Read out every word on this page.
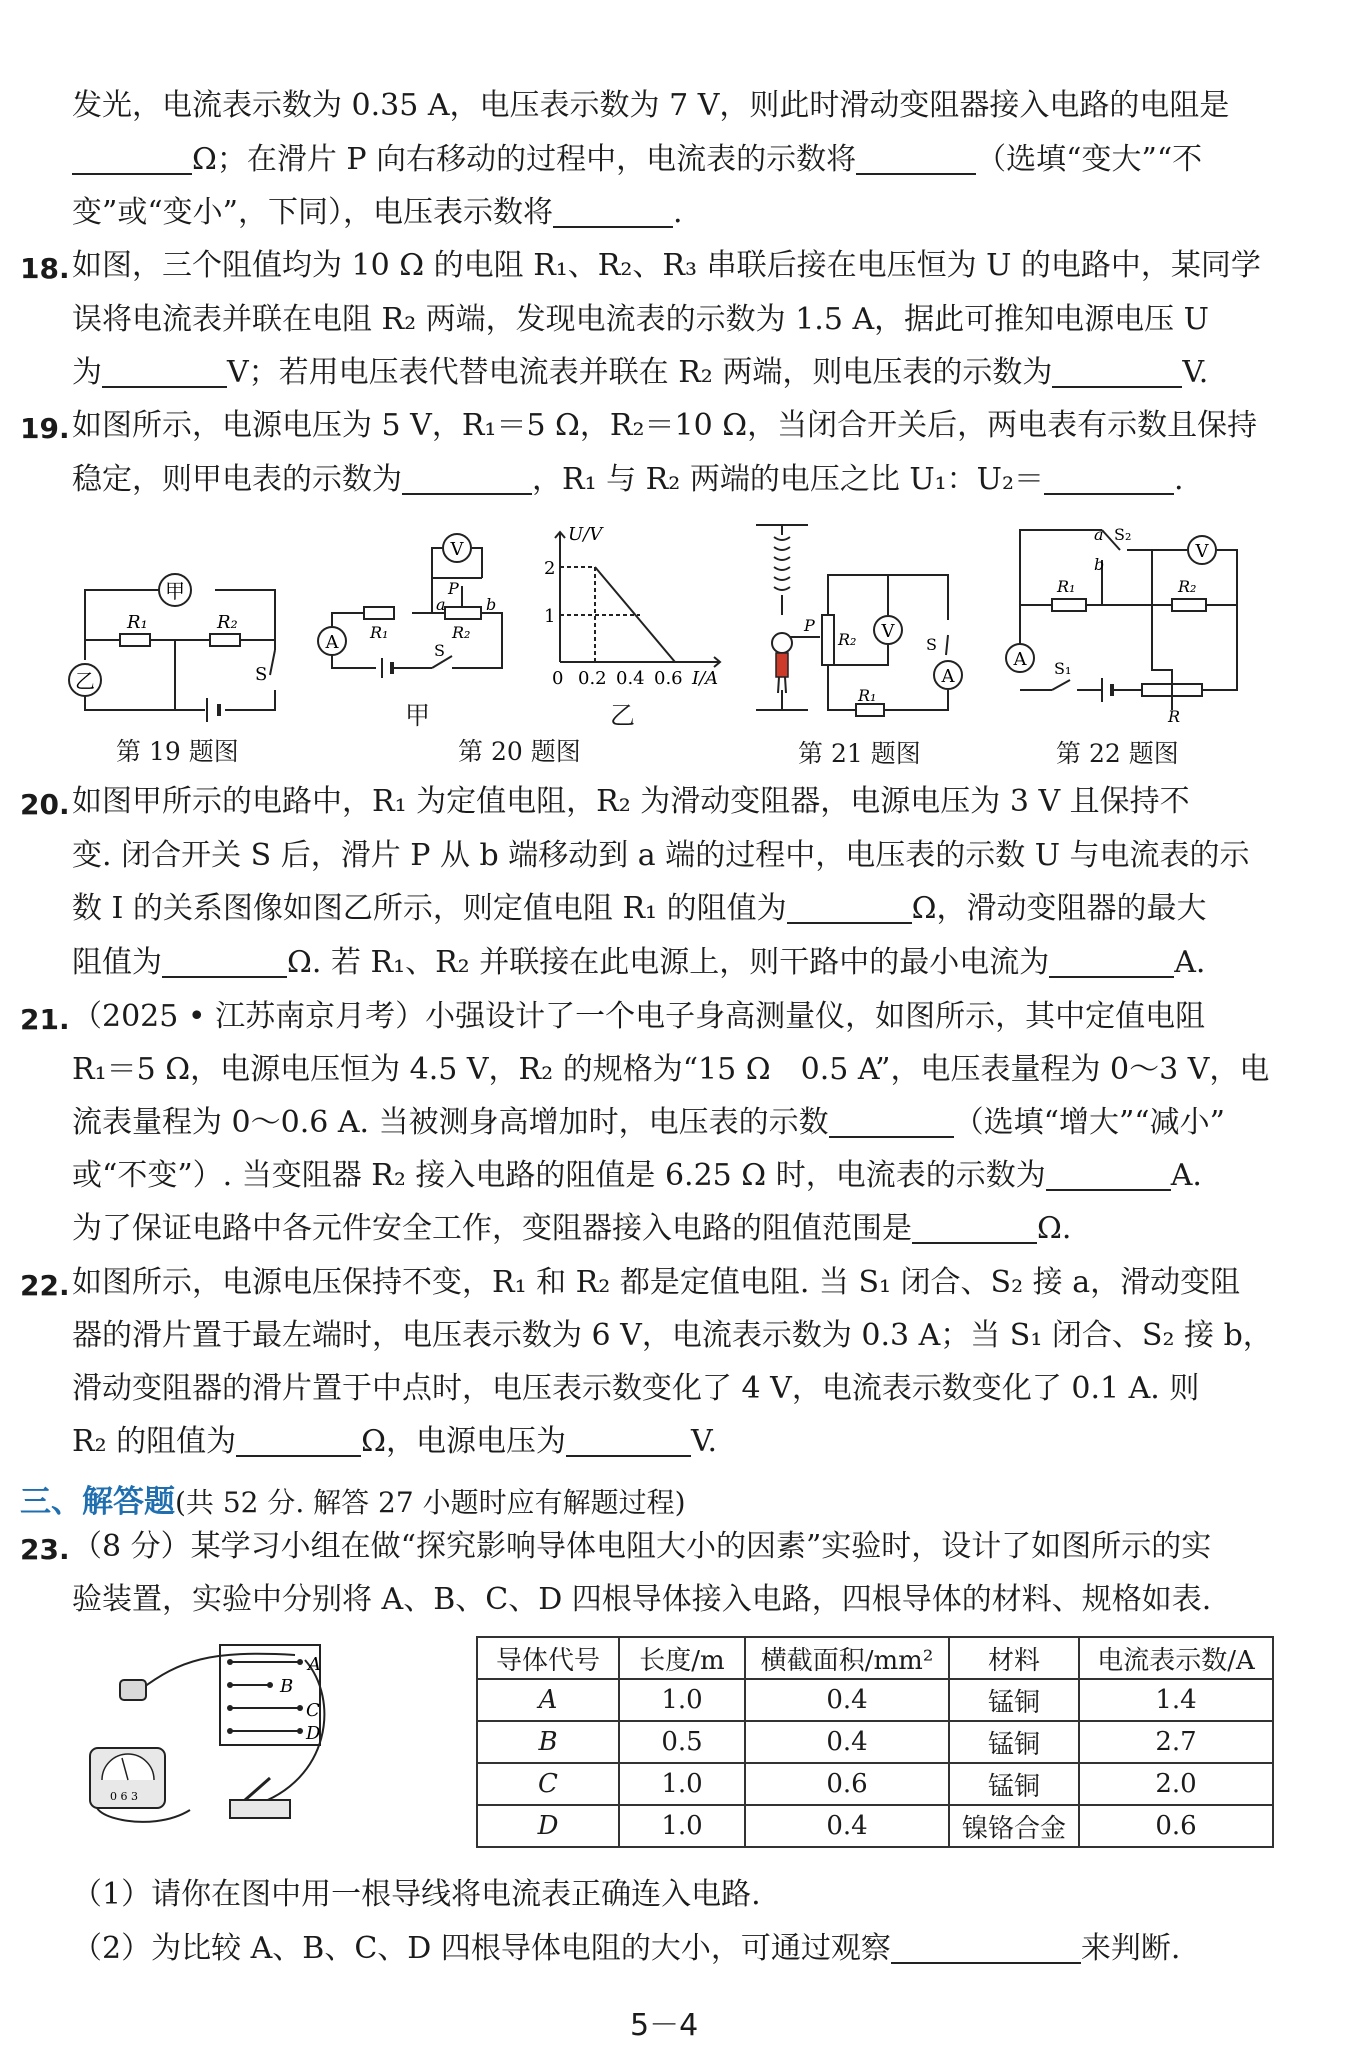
发光，电流表示数为 0.35 A，电压表示数为 7 V，则此时滑动变阻器接入电路的电阻是
Ω；在滑片 P 向右移动的过程中，电流表的示数将	（选填“变大”“不
变”或“变小”，下同），电压表示数将	.
18. 如图，三个阻值均为 10 Ω 的电阻 R₁、R₂、R₃ 串联后接在电压恒为 U 的电路中，某同学
误将电流表并联在电阻 R₂ 两端，发现电流表的示数为 1.5 A，据此可推知电源电压 U
为	V；若用电压表代替电流表并联在 R₂ 两端，则电压表的示数为	V.
19. 如图所示，电源电压为 5 V，R₁＝5 Ω，R₂＝10 Ω，当闭合开关后，两电表有示数且保持
稳定，则甲电表的示数为	，R₁ 与 R₂ 两端的电压之比 U₁：U₂＝	.
甲
乙
R₁	R₂
S
第 19 题图
A
V
R₁	R₂
P
a	b
S
甲
U/V
2
1
0 0.2 0.4 0.6 I/A
乙
第 20 题图
P
R₂ V
A
S
R₁
第 21 题图
V
A
a
b
S₂
R₁	R₂
S₁
R
第 22 题图
20. 如图甲所示的电路中，R₁ 为定值电阻，R₂ 为滑动变阻器，电源电压为 3 V 且保持不
变. 闭合开关 S 后，滑片 P 从 b 端移动到 a 端的过程中，电压表的示数 U 与电流表的示
数 I 的关系图像如图乙所示，则定值电阻 R₁ 的阻值为	Ω，滑动变阻器的最大
阻值为	Ω. 若 R₁、R₂ 并联接在此电源上，则干路中的最小电流为	A.
21. （2025 • 江苏南京月考）小强设计了一个电子身高测量仪，如图所示，其中定值电阻
R₁＝5 Ω，电源电压恒为 4.5 V，R₂ 的规格为“15 Ω　0.5 A”，电压表量程为 0～3 V，电
流表量程为 0～0.6 A. 当被测身高增加时，电压表的示数	（选填“增大”“减小”
或“不变”）. 当变阻器 R₂ 接入电路的阻值是 6.25 Ω 时，电流表的示数为	A.
为了保证电路中各元件安全工作，变阻器接入电路的阻值范围是	Ω.
22. 如图所示，电源电压保持不变，R₁ 和 R₂ 都是定值电阻. 当 S₁ 闭合、S₂ 接 a，滑动变阻
器的滑片置于最左端时，电压表示数为 6 V，电流表示数为 0.3 A；当 S₁ 闭合、S₂ 接 b，
滑动变阻器的滑片置于中点时，电压表示数变化了 4 V，电流表示数变化了 0.1 A. 则
R₂ 的阻值为	Ω，电源电压为	V.
三、解答题(共 52 分. 解答 27 小题时应有解题过程)
23. （8 分）某学习小组在做“探究影响导体电阻大小的因素”实验时，设计了如图所示的实
验装置，实验中分别将 A、B、C、D 四根导体接入电路，四根导体的材料、规格如表.
0 6 3
A
B
C
D
导体代号	长度/m	横截面积/mm²	材料	电流表示数/A
A	1.0	0.4	锰铜	1.4
B	0.5	0.4	锰铜	2.7
C	1.0	0.6	锰铜	2.0
D	1.0	0.4	镍铬合金	0.6
（1）请你在图中用一根导线将电流表正确连入电路.
（2）为比较 A、B、C、D 四根导体电阻的大小，可通过观察	来判断.
5－4
